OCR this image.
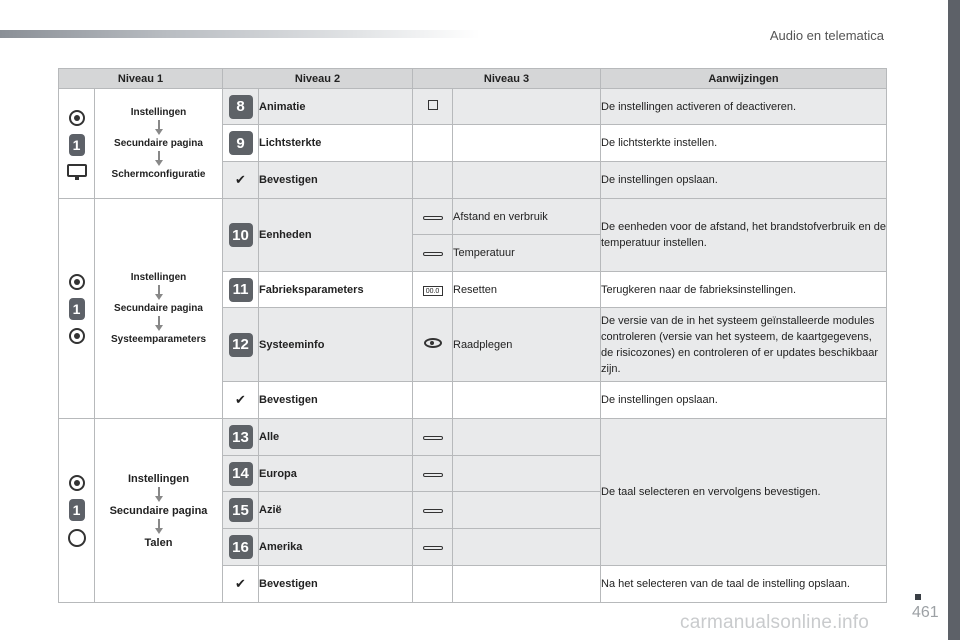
Audio en telematica
Niveau 1		Niveau 2		Niveau 3		Aanwijzingen

1	Instellingen
Secundaire pagina
Schermconfiguratie	8	Animatie			De instellingen activeren of deactiveren.
		9	Lichtsterkte			De lichtsterkte instellen.
		✔	Bevestigen			De instellingen opslaan.

1	Instellingen
Secundaire pagina
Systeemparameters	10	Eenheden		Afstand en verbruik	De eenheden voor de afstand, het brandstofverbruik en de temperatuur instellen.
					Temperatuur	
		11	Fabrieksparameters	00.0	Resetten	Terugkeren naar de fabrieksinstellingen.
		12	Systeeminfo		Raadplegen	De versie van de in het systeem geïnstalleerde modules controleren (versie van het systeem, de kaartgegevens, de risicozones) en controleren of er updates beschikbaar zijn.
		✔	Bevestigen			De instellingen opslaan.

1	Instellingen
Secundaire pagina
Talen	13	Alle			De taal selecteren en vervolgens bevestigen.
		14	Europa			
		15	Azië			
		16	Amerika			
		✔	Bevestigen			Na het selecteren van de taal de instelling opslaan.
461
carmanualsonline.info
